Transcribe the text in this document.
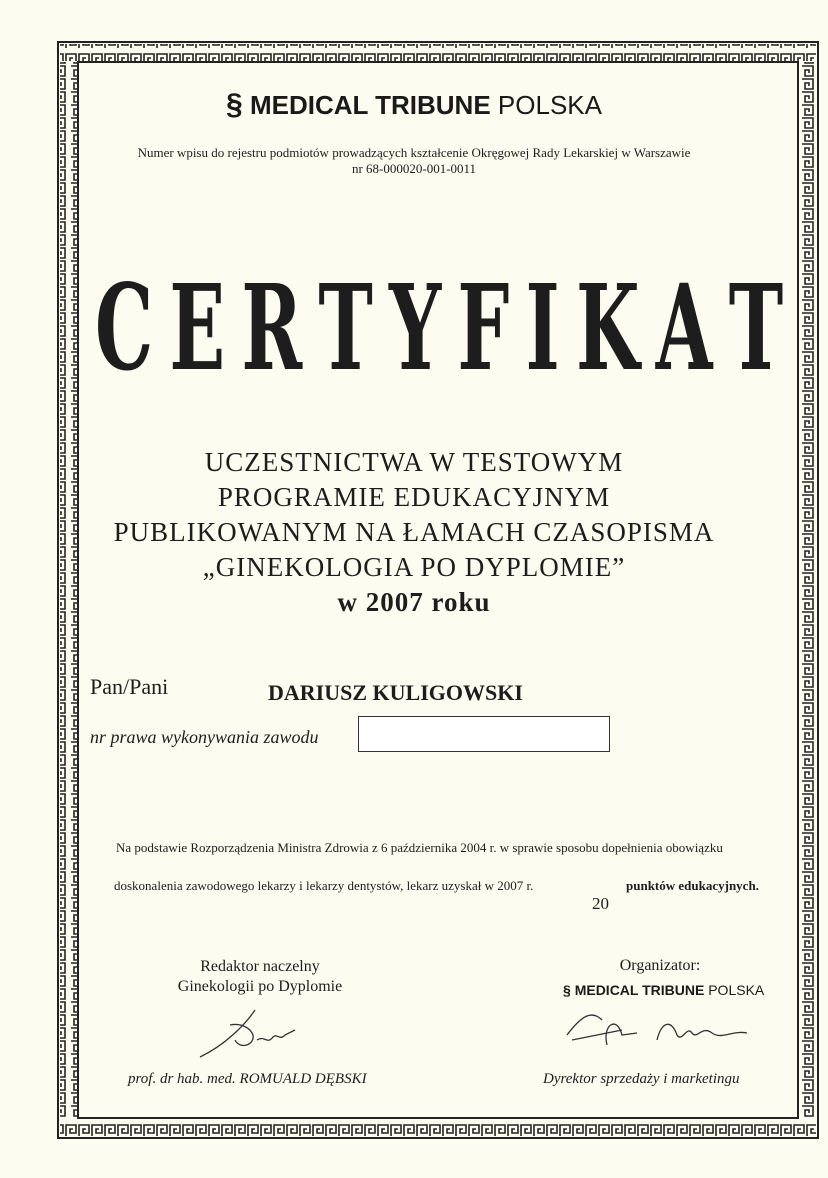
§ MEDICAL TRIBUNE POLSKA
Numer wpisu do rejestru podmiotów prowadzących kształcenie Okręgowej Rady Lekarskiej w Warszawie
nr 68-000020-001-0011
C E R T Y F I K A T
UCZESTNICTWA W TESTOWYM
PROGRAMIE EDUKACYJNYM
PUBLIKOWANYM NA ŁAMACH CZASOPISMA
„GINEKOLOGIA PO DYPLOMIE”
w 2007 roku
Pan/Pani	DARIUSZ KULIGOWSKI
nr prawa wykonywania zawodu
Na podstawie Rozporządzenia Ministra Zdrowia z 6 października 2004 r. w sprawie sposobu dopełnienia obowiązku
doskonalenia zawodowego lekarzy i lekarzy dentystów, lekarz uzyskał w 2007 r.	punktów edukacyjnych.
20
Redaktor naczelny
Ginekologii po Dyplomie
prof. dr hab. med. ROMUALD DĘBSKI
Organizator:
§ MEDICAL TRIBUNE POLSKA
Dyrektor sprzedaży i marketingu
